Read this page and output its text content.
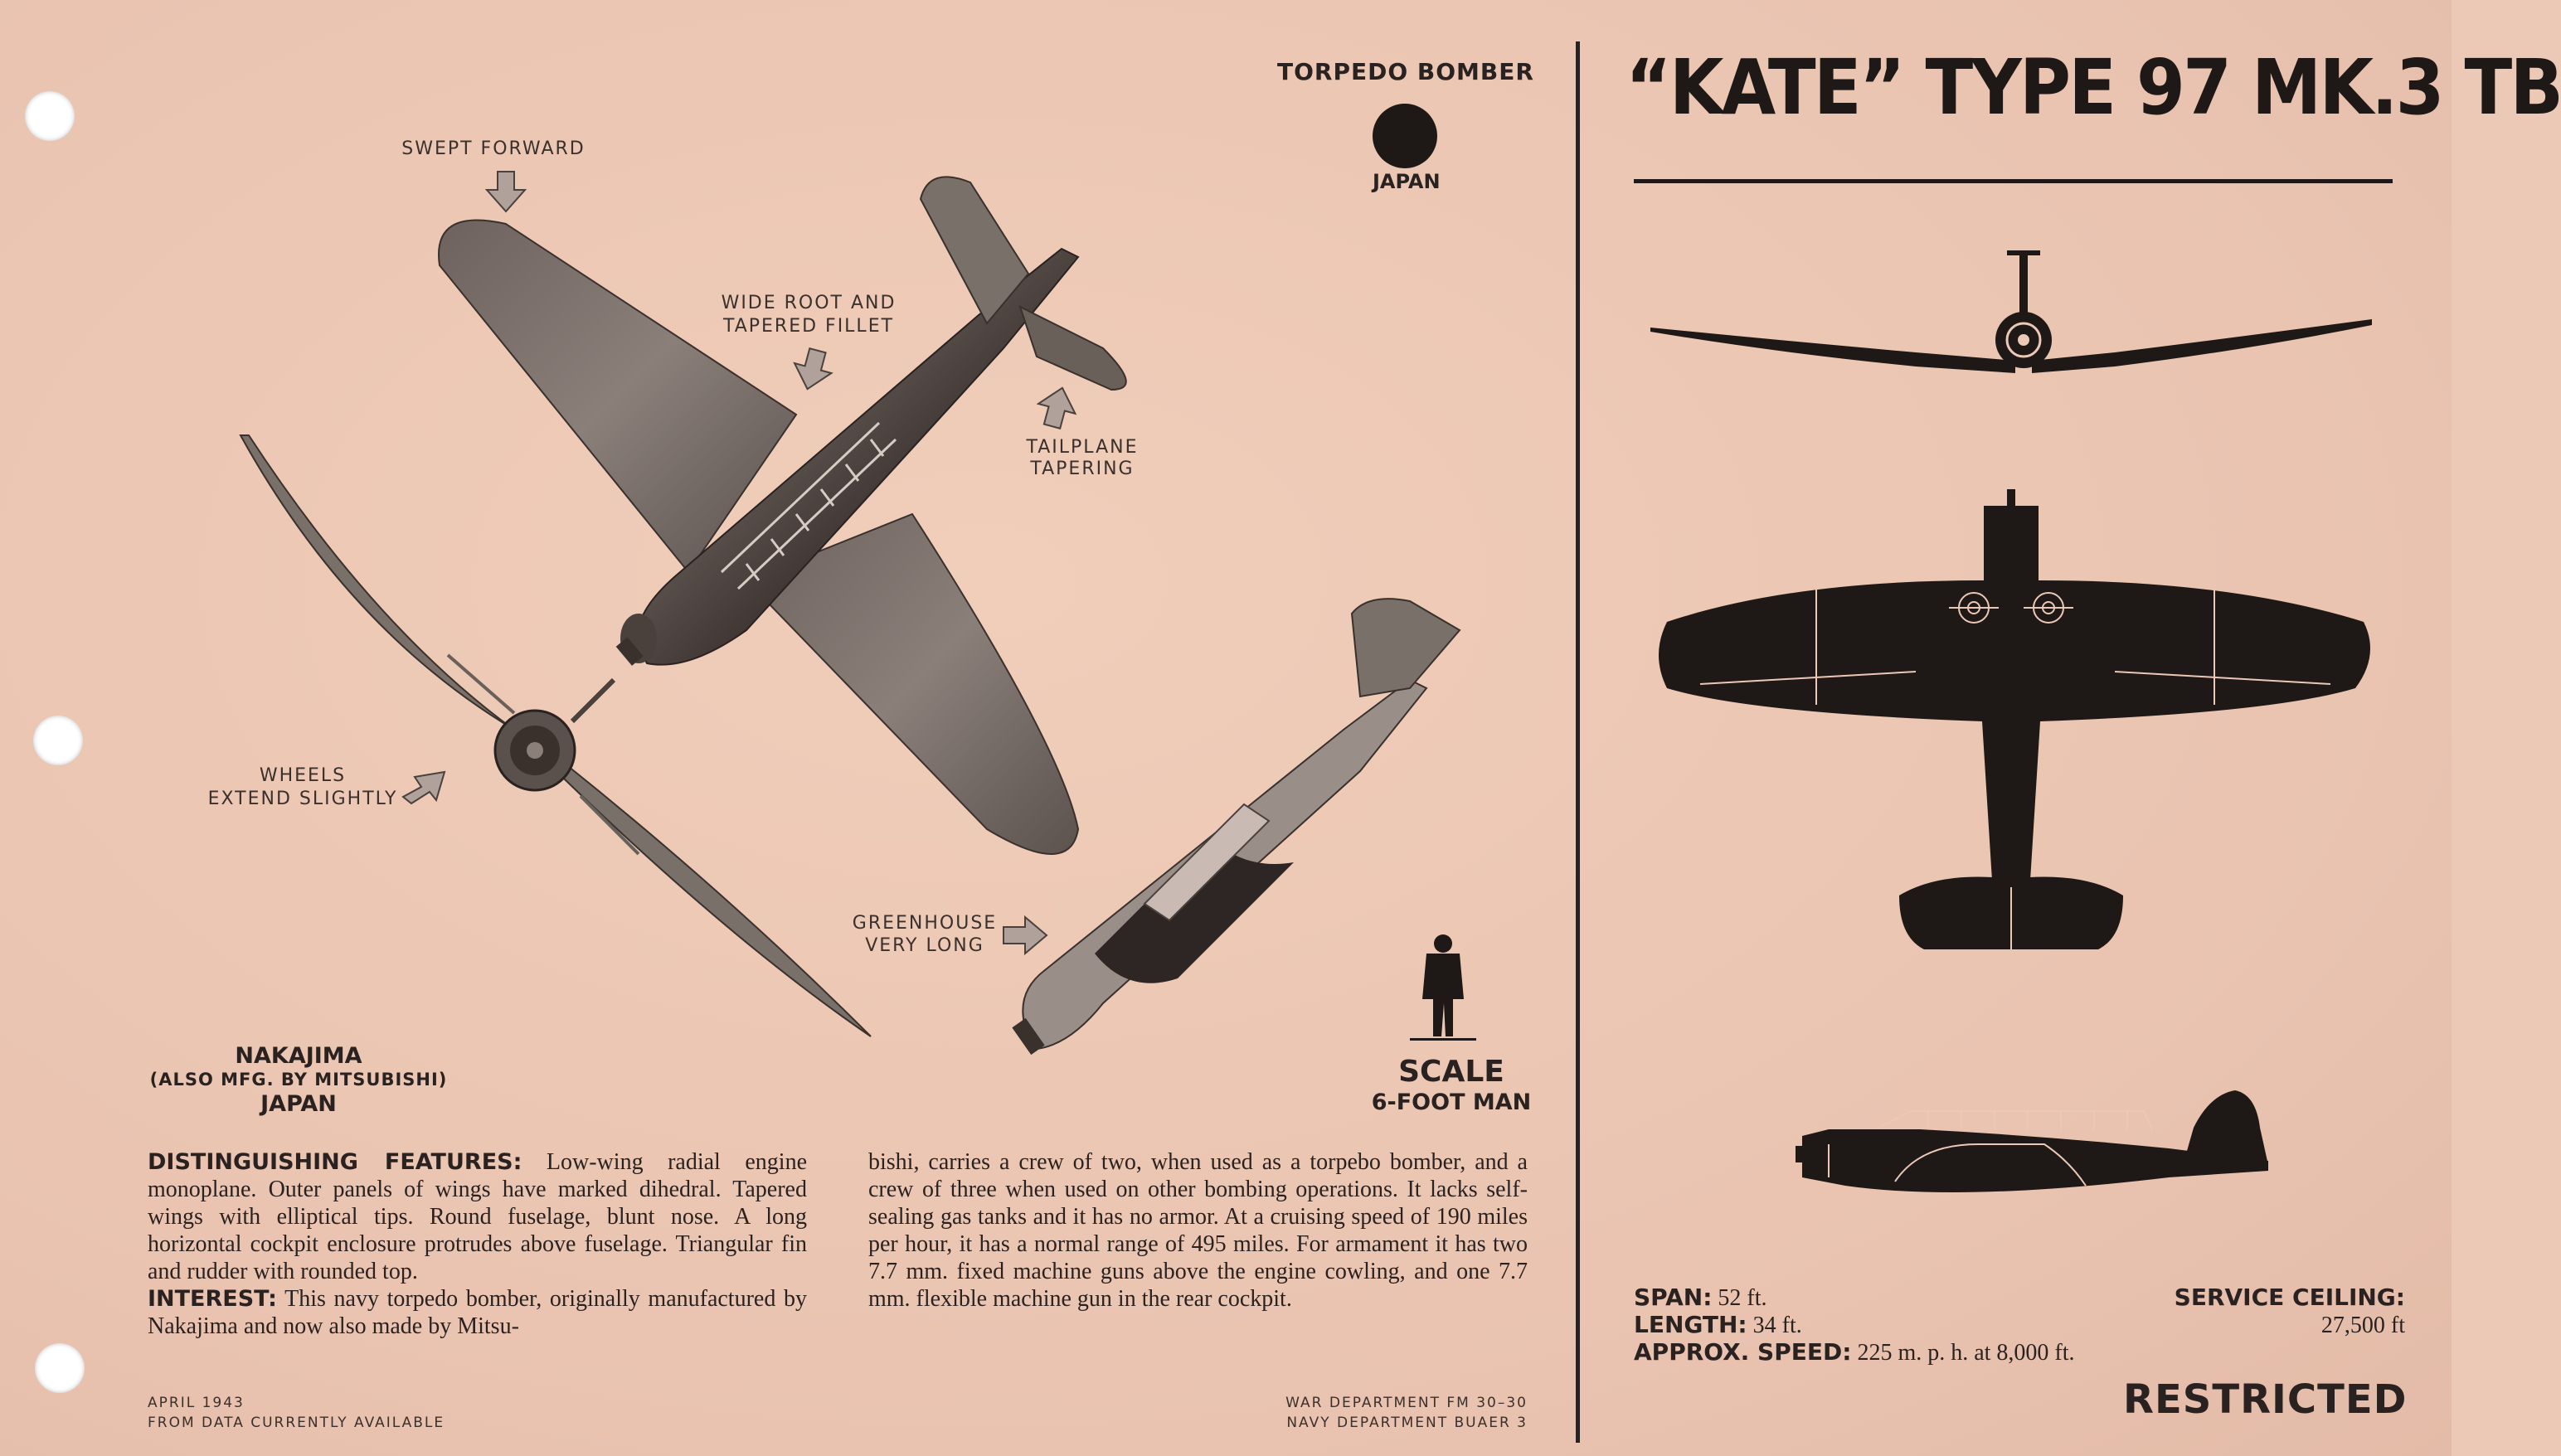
TORPEDO BOMBER
JAPAN
SWEPT FORWARD
WIDE ROOT AND
TAPERED FILLET
TAILPLANE
TAPERING
WHEELS
EXTEND SLIGHTLY
GREENHOUSE
VERY LONG
NAKAJIMA
(ALSO MFG. BY MITSUBISHI)
JAPAN
SCALE
6-FOOT MAN
DISTINGUISHING FEATURES: Low-wing radial engine monoplane. Outer panels of wings have marked dihedral. Tapered wings with elliptical tips. Round fuselage, blunt nose. A long horizontal cockpit enclosure protrudes above fuselage. Triangular fin and rudder with rounded top.
INTEREST: This navy torpedo bomber, originally manufactured by Nakajima and now also made by Mitsu-
bishi, carries a crew of two, when used as a torpebo bomber, and a crew of three when used on other bombing operations. It lacks self-sealing gas tanks and it has no armor. At a cruising speed of 190 miles per hour, it has a normal range of 495 miles. For armament it has two 7.7 mm. fixed machine guns above the engine cowling, and one 7.7 mm. flexible machine gun in the rear cockpit.
APRIL 1943
FROM DATA CURRENTLY AVAILABLE
WAR DEPARTMENT FM 30–30
NAVY DEPARTMENT BUAER 3
“KATE” TYPE 97 MK.3 TB
SPAN: 52 ft.
LENGTH: 34 ft.
APPROX. SPEED: 225 m. p. h. at 8,000 ft.
SERVICE CEILING:
27,500 ft
RESTRICTED
